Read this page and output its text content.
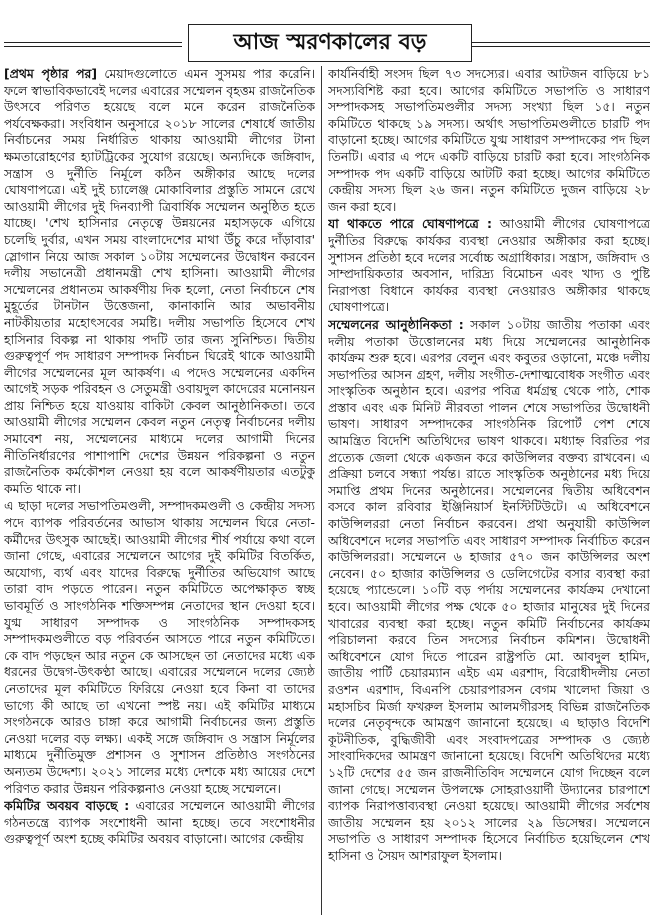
আজ স্মরণকালের বড়

[প্রথম পৃষ্ঠার পর] মেয়াদগুলোতে এমন সুসময় পার করেনি। ফলে স্বাভাবিকভাবেই দলের এবারের সম্মেলন বৃহত্তম রাজনৈতিক উৎসবে পরিণত হয়েছে বলে মনে করেন রাজনৈতিক পর্যবেক্ষকরা। সংবিধান অনুসারে ২০১৮ সালের শেষার্ধে জাতীয় নির্বাচনের সময় নির্ধারিত থাকায় আওয়ামী লীগের টানা ক্ষমতারোহণের হ্যাটট্রিকের সুযোগ রয়েছে। অন্যদিকে জঙ্গিবাদ, সন্ত্রাস ও দুর্নীতি নির্মূলে কঠিন অঙ্গীকার আছে দলের ঘোষণাপত্রে। এই দুই চ্যালেঞ্জ মোকাবিলার প্রস্তুতি সামনে রেখে আওয়ামী লীগের দুই দিনব্যাপী ত্রিবার্ষিক সম্মেলন অনুষ্ঠিত হতে যাচ্ছে। 'শেখ হাসিনার নেতৃত্বে উন্নয়নের মহাসড়কে এগিয়ে চলেছি দুর্বার, এখন সময় বাংলাদেশের মাথা উঁচু করে দাঁড়াবার' স্লোগান নিয়ে আজ সকাল ১০টায় সম্মেলনের উদ্বোধন করবেন দলীয় সভানেত্রী প্রধানমন্ত্রী শেখ হাসিনা। আওয়ামী লীগের সম্মেলনের প্রধানতম আকর্ষণীয় দিক হলো, নেতা নির্বাচনে শেষ মুহূর্তের টানটান উত্তেজনা, কানাকানি আর অভাবনীয় নাটকীয়তার মহোৎসবের সমষ্টি। দলীয় সভাপতি হিসেবে শেখ হাসিনার বিকল্প না থাকায় পদটি তার জন্য সুনিশ্চিত। দ্বিতীয় গুরুত্বপূর্ণ পদ সাধারণ সম্পাদক নির্বাচন ঘিরেই থাকে আওয়ামী লীগের সম্মেলনের মূল আকর্ষণ। এ পদেও সম্মেলনের একদিন আগেই সড়ক পরিবহন ও সেতুমন্ত্রী ওবায়দুল কাদেরের মনোনয়ন প্রায় নিশ্চিত হয়ে যাওয়ায় বাকিটা কেবল আনুষ্ঠানিকতা। তবে আওয়ামী লীগের সম্মেলন কেবল নতুন নেতৃত্ব নির্বাচনের দলীয় সমাবেশ নয়, সম্মেলনের মাধ্যমে দলের আগামী দিনের নীতিনির্ধারণের পাশাপাশি দেশের উন্নয়ন পরিকল্পনা ও নতুন রাজনৈতিক কর্মকৌশল নেওয়া হয় বলে আকর্ষণীয়তার এতটুকু কমতি থাকে না।

এ ছাড়া দলের সভাপতিমণ্ডলী, সম্পাদকমণ্ডলী ও কেন্দ্রীয় সদস্য পদে ব্যাপক পরিবর্তনের আভাস থাকায় সম্মেলন ঘিরে নেতা-কর্মীদের উৎসুক আছেই। আওয়ামী লীগের শীর্ষ পর্যায়ে কথা বলে জানা গেছে, এবারের সম্মেলনে আগের দুই কমিটির বিতর্কিত, অযোগ্য, ব্যর্থ এবং যাদের বিরুদ্ধে দুর্নীতির অভিযোগ আছে তারা বাদ পড়তে পারেন। নতুন কমিটিতে অপেক্ষাকৃত স্বচ্ছ ভাবমূর্তি ও সাংগঠনিক শক্তিসম্পন্ন নেতাদের স্থান দেওয়া হবে। যুগ্ম সাধারণ সম্পাদক ও সাংগঠনিক সম্পাদকসহ সম্পাদকমণ্ডলীতে বড় পরিবর্তন আসতে পারে নতুন কমিটিতে। কে বাদ পড়ছেন আর নতুন কে আসছেন তা নেতাদের মধ্যে এক ধরনের উদ্বেগ-উৎকণ্ঠা আছে। এবারের সম্মেলনে দলের জ্যেষ্ঠ নেতাদের মূল কমিটিতে ফিরিয়ে নেওয়া হবে কিনা বা তাদের ভাগ্যে কী আছে তা এখনো স্পষ্ট নয়। এই কমিটির মাধ্যমে সংগঠনকে আরও চাঙ্গা করে আগামী নির্বাচনের জন্য প্রস্তুতি নেওয়া দলের বড় লক্ষ্য। একই সঙ্গে জঙ্গিবাদ ও সন্ত্রাস নির্মূলের মাধ্যমে দুর্নীতিমুক্ত প্রশাসন ও সুশাসন প্রতিষ্ঠাও সংগঠনের অন্যতম উদ্দেশ্য। ২০২১ সালের মধ্যে দেশকে মধ্য আয়ের দেশে পরিণত করার উন্নয়ন পরিকল্পনাও নেওয়া হচ্ছে সম্মেলনে।

কমিটির অবয়ব বাড়ছে : এবারের সম্মেলনে আওয়ামী লীগের গঠনতন্ত্রে ব্যাপক সংশোধনী আনা হচ্ছে। তবে সংশোধনীর গুরুত্বপূর্ণ অংশ হচ্ছে কমিটির অবয়ব বাড়ানো। আগের কেন্দ্রীয়

কার্যনির্বাহী সংসদ ছিল ৭৩ সদস্যের। এবার আটজন বাড়িয়ে ৮১ সদস্যবিশিষ্ট করা হবে। আগের কমিটিতে সভাপতি ও সাধারণ সম্পাদকসহ সভাপতিমণ্ডলীর সদস্য সংখ্যা ছিল ১৫। নতুন কমিটিতে থাকছে ১৯ সদস্য। অর্থাৎ সভাপতিমণ্ডলীতে চারটি পদ বাড়ানো হচ্ছে। আগের কমিটিতে যুগ্ম সাধারণ সম্পাদকের পদ ছিল তিনটি। এবার এ পদে একটি বাড়িয়ে চারটি করা হবে। সাংগঠনিক সম্পাদক পদ একটি বাড়িয়ে আটটি করা হচ্ছে। আগের কমিটিতে কেন্দ্রীয় সদস্য ছিল ২৬ জন। নতুন কমিটিতে দুজন বাড়িয়ে ২৮ জন করা হবে।

যা থাকতে পারে ঘোষণাপত্রে : আওয়ামী লীগের ঘোষণাপত্রে দুর্নীতির বিরুদ্ধে কার্যকর ব্যবস্থা নেওয়ার অঙ্গীকার করা হচ্ছে। সুশাসন প্রতিষ্ঠা হবে দলের সর্বোচ্চ অগ্রাধিকার। সন্ত্রাস, জঙ্গিবাদ ও সাম্প্রদায়িকতার অবসান, দারিদ্র্য বিমোচন এবং খাদ্য ও পুষ্টি নিরাপত্তা বিধানে কার্যকর ব্যবস্থা নেওয়ারও অঙ্গীকার থাকছে ঘোষণাপত্রে।

সম্মেলনের আনুষ্ঠানিকতা : সকাল ১০টায় জাতীয় পতাকা এবং দলীয় পতাকা উত্তোলনের মধ্য দিয়ে সম্মেলনের আনুষ্ঠানিক কার্যক্রম শুরু হবে। এরপর বেলুন এবং কবুতর ওড়ানো, মঞ্চে দলীয় সভাপতির আসন গ্রহণ, দলীয় সংগীত-দেশাত্মবোধক সংগীত এবং সাংস্কৃতিক অনুষ্ঠান হবে। এরপর পবিত্র ধর্মগ্রন্থ থেকে পাঠ, শোক প্রস্তাব এবং এক মিনিট নীরবতা পালন শেষে সভাপতির উদ্বোধনী ভাষণ। সাধারণ সম্পাদকের সাংগঠনিক রিপোর্ট পেশ শেষে আমন্ত্রিত বিদেশি অতিথিদের ভাষণ থাকবে। মধ্যাহ্ন বিরতির পর প্রত্যেক জেলা থেকে একজন করে কাউন্সিলর বক্তব্য রাখবেন। এ প্রক্রিয়া চলবে সন্ধ্যা পর্যন্ত। রাতে সাংস্কৃতিক অনুষ্ঠানের মধ্য দিয়ে সমাপ্তি প্রথম দিনের অনুষ্ঠানের। সম্মেলনের দ্বিতীয় অধিবেশন বসবে কাল রবিবার ইঞ্জিনিয়ার্স ইনস্টিটিউটে। এ অধিবেশনে কাউন্সিলররা নেতা নির্বাচন করবেন। প্রথা অনুযায়ী কাউন্সিল অধিবেশনে দলের সভাপতি এবং সাধারণ সম্পাদক নির্বাচিত করেন কাউন্সিলররা। সম্মেলনে ৬ হাজার ৫৭০ জন কাউন্সিলর অংশ নেবেন। ৫০ হাজার কাউন্সিলর ও ডেলিগেটের বসার ব্যবস্থা করা হয়েছে প্যান্ডেলে। ১০টি বড় পর্দায় সম্মেলনের কার্যক্রম দেখানো হবে। আওয়ামী লীগের পক্ষ থেকে ৫০ হাজার মানুষের দুই দিনের খাবারের ব্যবস্থা করা হচ্ছে। নতুন কমিটি নির্বাচনের কার্যক্রম পরিচালনা করবে তিন সদস্যের নির্বাচন কমিশন। উদ্বোধনী অধিবেশনে যোগ দিতে পারেন রাষ্ট্রপতি মো. আবদুল হামিদ, জাতীয় পার্টি চেয়ারম্যান এইচ এম এরশাদ, বিরোধীদলীয় নেতা রওশন এরশাদ, বিএনপি চেয়ারপারসন বেগম খালেদা জিয়া ও মহাসচিব মির্জা ফখরুল ইসলাম আলমগীরসহ বিভিন্ন রাজনৈতিক দলের নেতৃবৃন্দকে আমন্ত্রণ জানানো হয়েছে। এ ছাড়াও বিদেশি কূটনীতিক, বুদ্ধিজীবী এবং সংবাদপত্রের সম্পাদক ও জ্যেষ্ঠ সাংবাদিকদের আমন্ত্রণ জানানো হয়েছে। বিদেশি অতিথিদের মধ্যে ১২টি দেশের ৫৫ জন রাজনীতিবিদ সম্মেলনে যোগ দিচ্ছেন বলে জানা গেছে। সম্মেলন উপলক্ষে সোহরাওয়ার্দী উদ্যানের চারপাশে ব্যাপক নিরাপত্তাব্যবস্থা নেওয়া হয়েছে। আওয়ামী লীগের সর্বশেষ জাতীয় সম্মেলন হয় ২০১২ সালের ২৯ ডিসেম্বর। সম্মেলনে সভাপতি ও সাধারণ সম্পাদক হিসেবে নির্বাচিত হয়েছিলেন শেখ হাসিনা ও সৈয়দ আশরাফুল ইসলাম।
